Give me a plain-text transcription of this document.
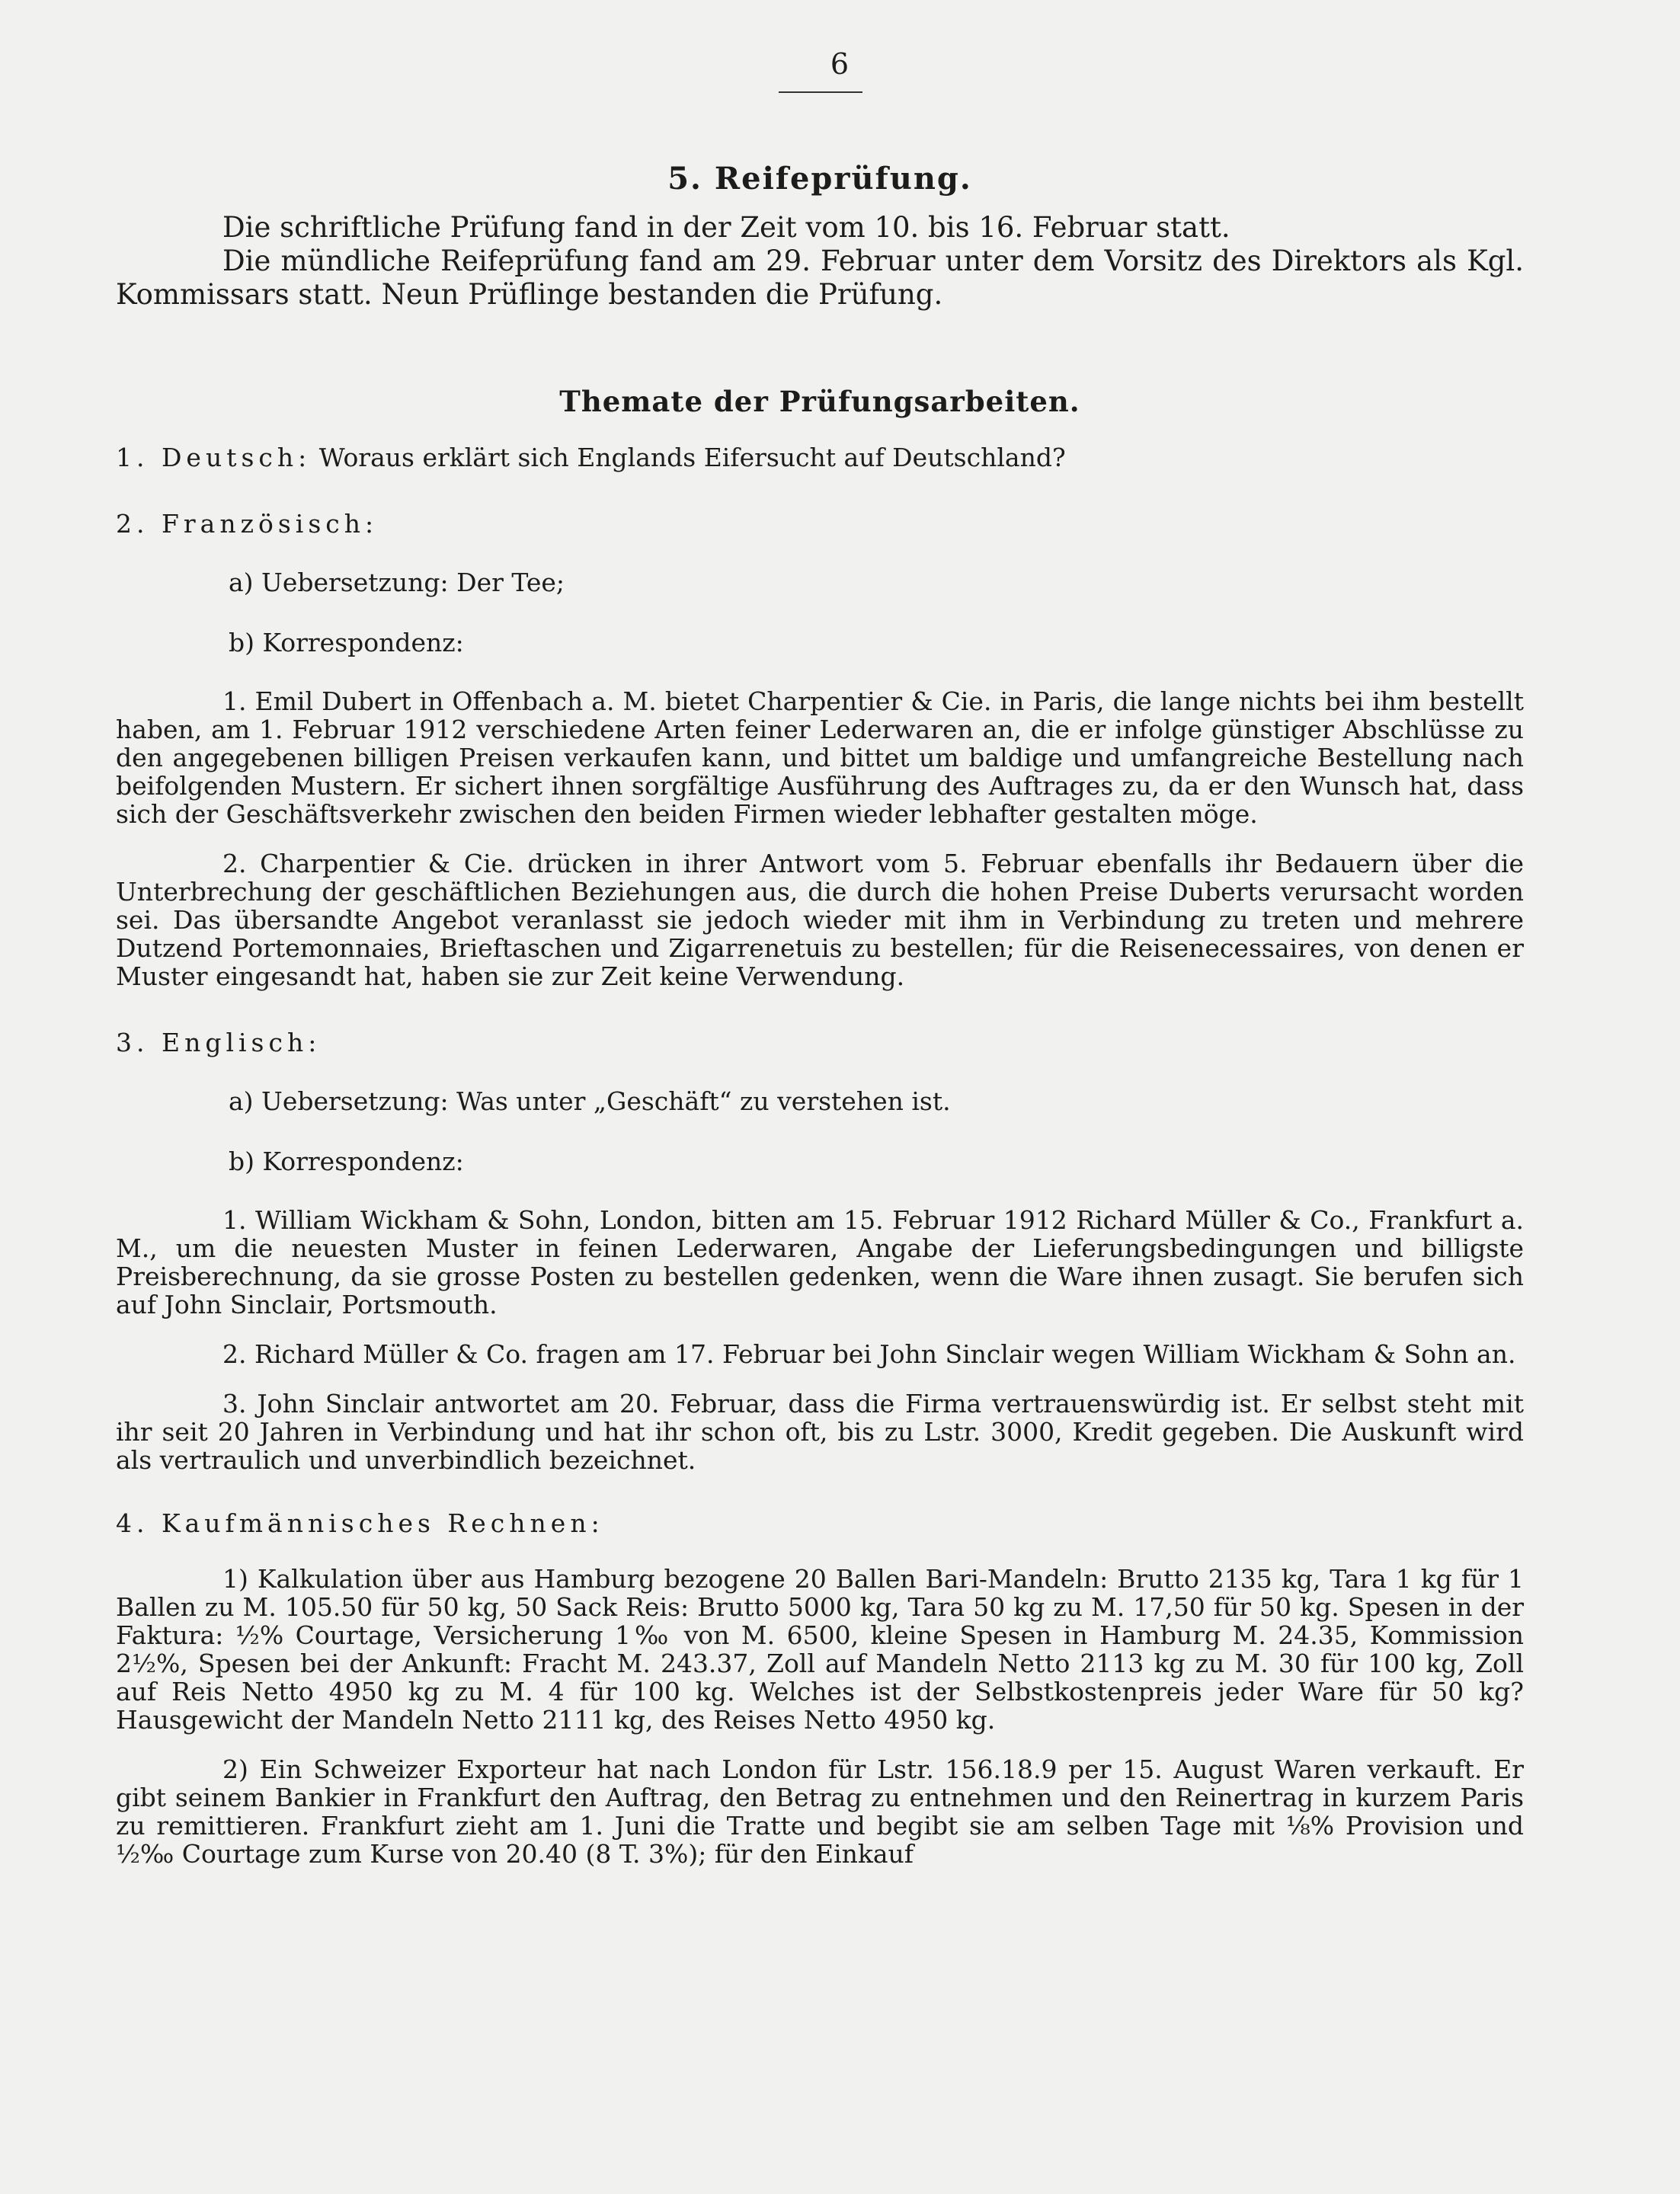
6
5. Reifeprüfung.

Die schriftliche Prüfung fand in der Zeit vom 10. bis 16. Februar statt.

Die mündliche Reifeprüfung fand am 29. Februar unter dem Vorsitz des Direktors als Kgl. Kommissars statt. Neun Prüflinge bestanden die Prüfung.

Themate der Prüfungsarbeiten.
1. Deutsch: Woraus erklärt sich Englands Eifersucht auf Deutschland?
2. Französisch:
a) Uebersetzung: Der Tee;
b) Korrespondenz:

1. Emil Dubert in Offenbach a. M. bietet Charpentier & Cie. in Paris, die lange nichts bei ihm bestellt haben, am 1. Februar 1912 verschiedene Arten feiner Lederwaren an, die er infolge günstiger Abschlüsse zu den angegebenen billigen Preisen verkaufen kann, und bittet um baldige und umfangreiche Bestellung nach beifolgenden Mustern. Er sichert ihnen sorgfältige Ausführung des Auftrages zu, da er den Wunsch hat, dass sich der Geschäftsverkehr zwischen den beiden Firmen wieder lebhafter gestalten möge.

2. Charpentier & Cie. drücken in ihrer Antwort vom 5. Februar ebenfalls ihr Bedauern über die Unterbrechung der geschäftlichen Beziehungen aus, die durch die hohen Preise Duberts verursacht worden sei. Das übersandte Angebot veranlasst sie jedoch wieder mit ihm in Verbindung zu treten und mehrere Dutzend Portemonnaies, Brieftaschen und Zigarrenetuis zu bestellen; für die Reisenecessaires, von denen er Muster eingesandt hat, haben sie zur Zeit keine Verwendung.

3. Englisch:
a) Uebersetzung: Was unter „Geschäft“ zu verstehen ist.
b) Korrespondenz:

1. William Wickham & Sohn, London, bitten am 15. Februar 1912 Richard Müller & Co., Frankfurt a. M., um die neuesten Muster in feinen Lederwaren, Angabe der Lieferungsbedingungen und billigste Preisberechnung, da sie grosse Posten zu bestellen gedenken, wenn die Ware ihnen zusagt. Sie berufen sich auf John Sinclair, Portsmouth.

2. Richard Müller & Co. fragen am 17. Februar bei John Sinclair wegen William Wickham & Sohn an.

3. John Sinclair antwortet am 20. Februar, dass die Firma vertrauenswürdig ist. Er selbst steht mit ihr seit 20 Jahren in Verbindung und hat ihr schon oft, bis zu Lstr. 3000, Kredit gegeben. Die Auskunft wird als vertraulich und unverbindlich bezeichnet.

4. Kaufmännisches Rechnen:

1) Kalkulation über aus Hamburg bezogene 20 Ballen Bari-Mandeln: Brutto 2135 kg, Tara 1 kg für 1 Ballen zu M. 105.50 für 50 kg, 50 Sack Reis: Brutto 5000 kg, Tara 50 kg zu M. 17,50 für 50 kg. Spesen in der Faktura: ½% Courtage, Versicherung 1‰ von M. 6500, kleine Spesen in Hamburg M. 24.35, Kommission 2½%, Spesen bei der Ankunft: Fracht M. 243.37, Zoll auf Mandeln Netto 2113 kg zu M. 30 für 100 kg, Zoll auf Reis Netto 4950 kg zu M. 4 für 100 kg. Welches ist der Selbstkostenpreis jeder Ware für 50 kg? Hausgewicht der Mandeln Netto 2111 kg, des Reises Netto 4950 kg.

2) Ein Schweizer Exporteur hat nach London für Lstr. 156.18.9 per 15. August Waren verkauft. Er gibt seinem Bankier in Frankfurt den Auftrag, den Betrag zu entnehmen und den Reinertrag in kurzem Paris zu remittieren. Frankfurt zieht am 1. Juni die Tratte und begibt sie am selben Tage mit ⅛% Provision und ½‰ Courtage zum Kurse von 20.40 (8 T. 3%); für den Einkauf
